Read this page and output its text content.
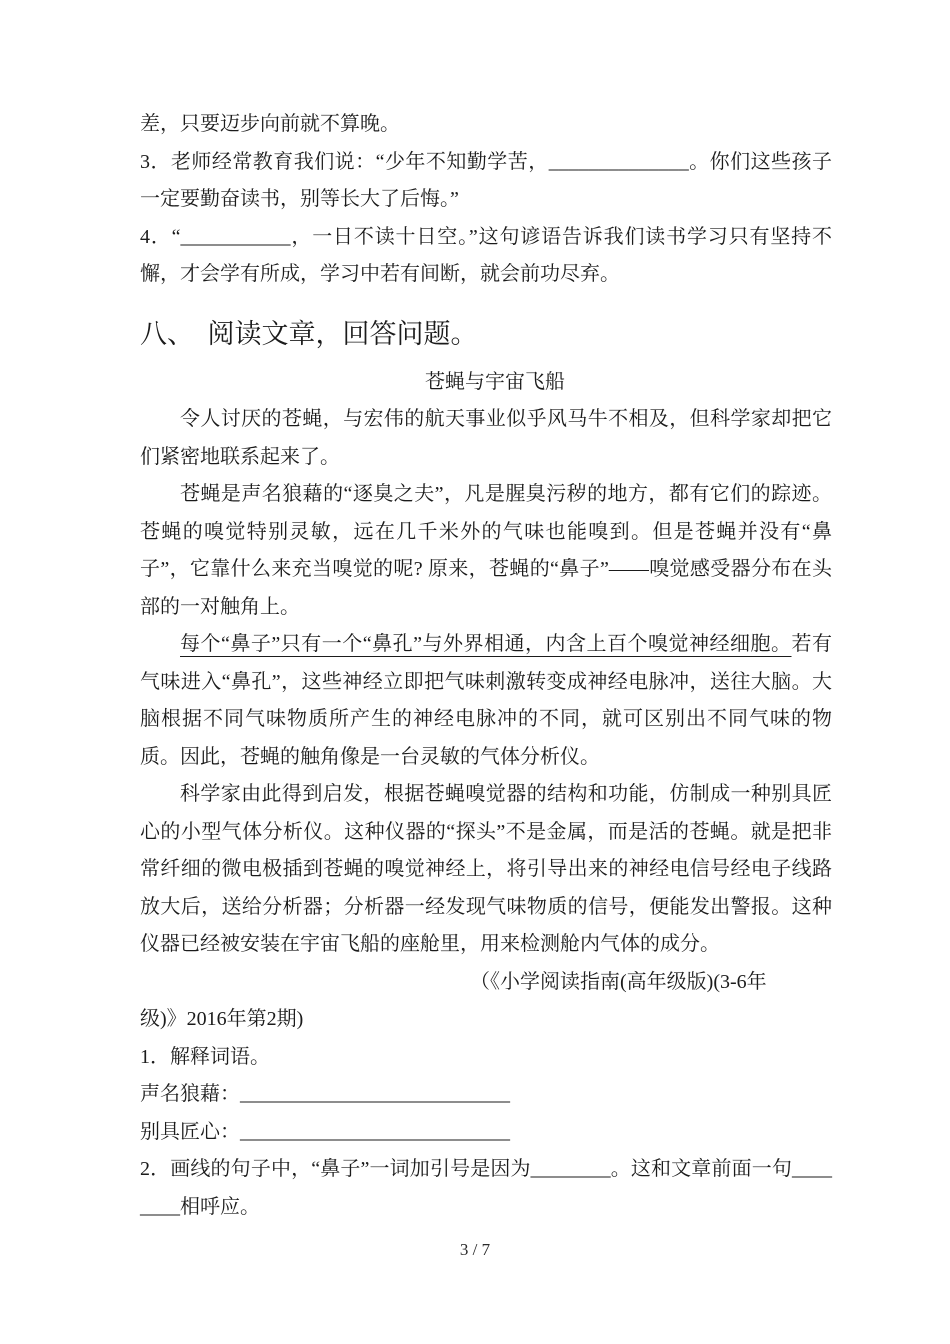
差，只要迈步向前就不算晚。

3．老师经常教育我们说：“少年不知勤学苦，______________。你们这些孩子一定要勤奋读书，别等长大了后悔。”

4．“___________，一日不读十日空。”这句谚语告诉我们读书学习只有坚持不懈，才会学有所成，学习中若有间断，就会前功尽弃。

八、　阅读文章，回答问题。
苍蝇与宇宙飞船

令人讨厌的苍蝇，与宏伟的航天事业似乎风马牛不相及，但科学家却把它们紧密地联系起来了。

苍蝇是声名狼藉的“逐臭之夫”，凡是腥臭污秽的地方，都有它们的踪迹。苍蝇的嗅觉特别灵敏，远在几千米外的气味也能嗅到。但是苍蝇并没有“鼻子”，它靠什么来充当嗅觉的呢? 原来，苍蝇的“鼻子”——嗅觉感受器分布在头部的一对触角上。

每个“鼻子”只有一个“鼻孔”与外界相通，内含上百个嗅觉神经细胞。若有气味进入“鼻孔”，这些神经立即把气味刺激转变成神经电脉冲，送往大脑。大脑根据不同气味物质所产生的神经电脉冲的不同，就可区别出不同气味的物质。因此，苍蝇的触角像是一台灵敏的气体分析仪。

科学家由此得到启发，根据苍蝇嗅觉器的结构和功能，仿制成一种别具匠心的小型气体分析仪。这种仪器的“探头”不是金属，而是活的苍蝇。就是把非常纤细的微电极插到苍蝇的嗅觉神经上，将引导出来的神经电信号经电子线路放大后，送给分析器；分析器一经发现气味物质的信号，便能发出警报。这种仪器已经被安装在宇宙飞船的座舱里，用来检测舱内气体的成分。

（《小学阅读指南(高年级版)(3-6年

级)》2016年第2期)

1．解释词语。

声名狼藉：___________________________

别具匠心：___________________________

2．画线的句子中，“鼻子”一词加引号是因为________。这和文章前面一句________相呼应。

3 / 7
